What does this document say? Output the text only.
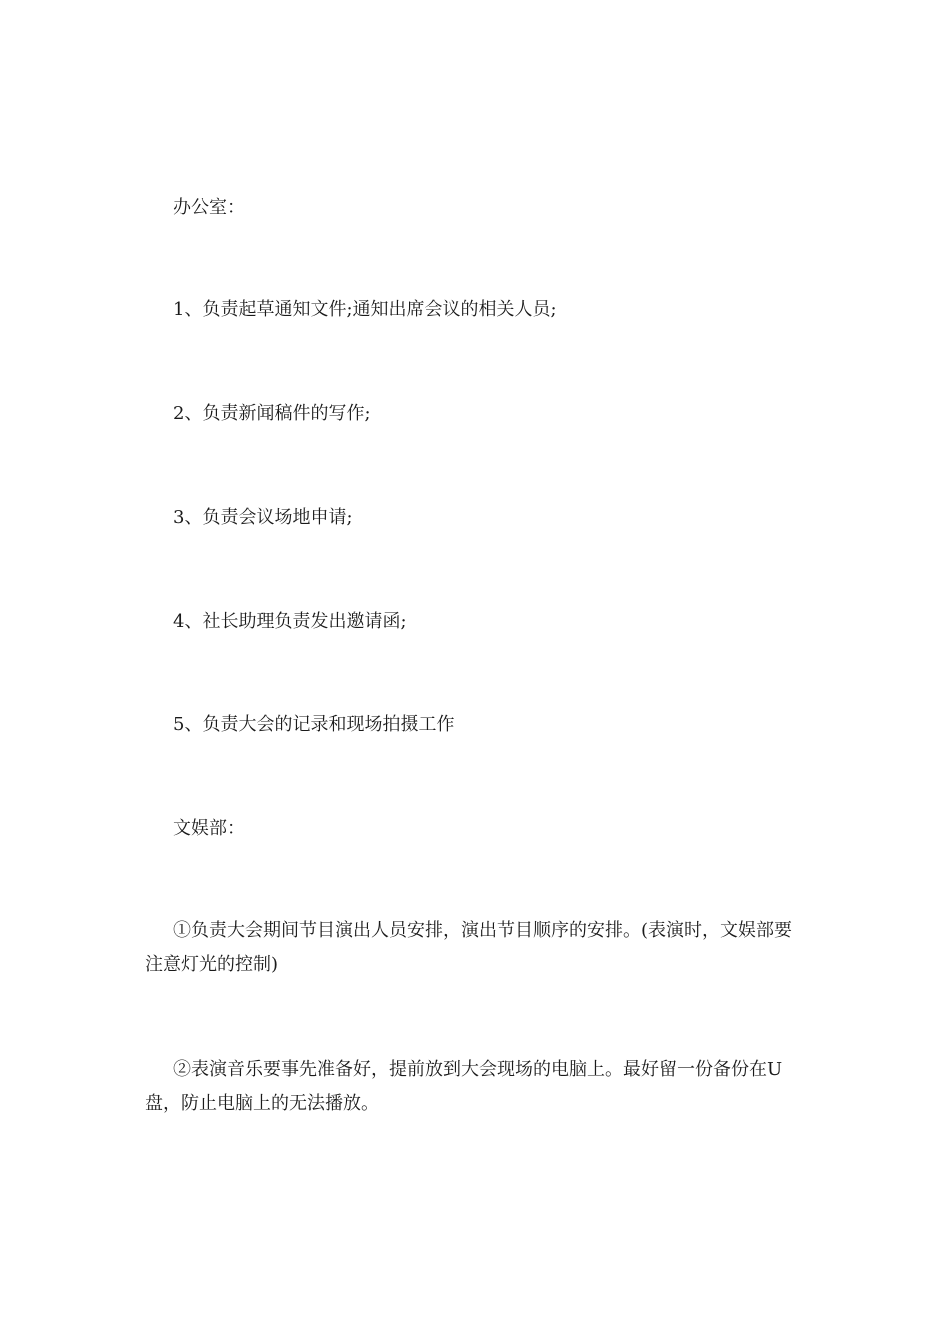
办公室：

1、负责起草通知文件;通知出席会议的相关人员;

2、负责新闻稿件的写作;

3、负责会议场地申请;

4、社长助理负责发出邀请函;

5、负责大会的记录和现场拍摄工作

文娱部：

①负责大会期间节目演出人员安排，演出节目顺序的安排。(表演时，文娱部要注意灯光的控制)

②表演音乐要事先准备好，提前放到大会现场的电脑上。最好留一份备份在U盘，防止电脑上的无法播放。
